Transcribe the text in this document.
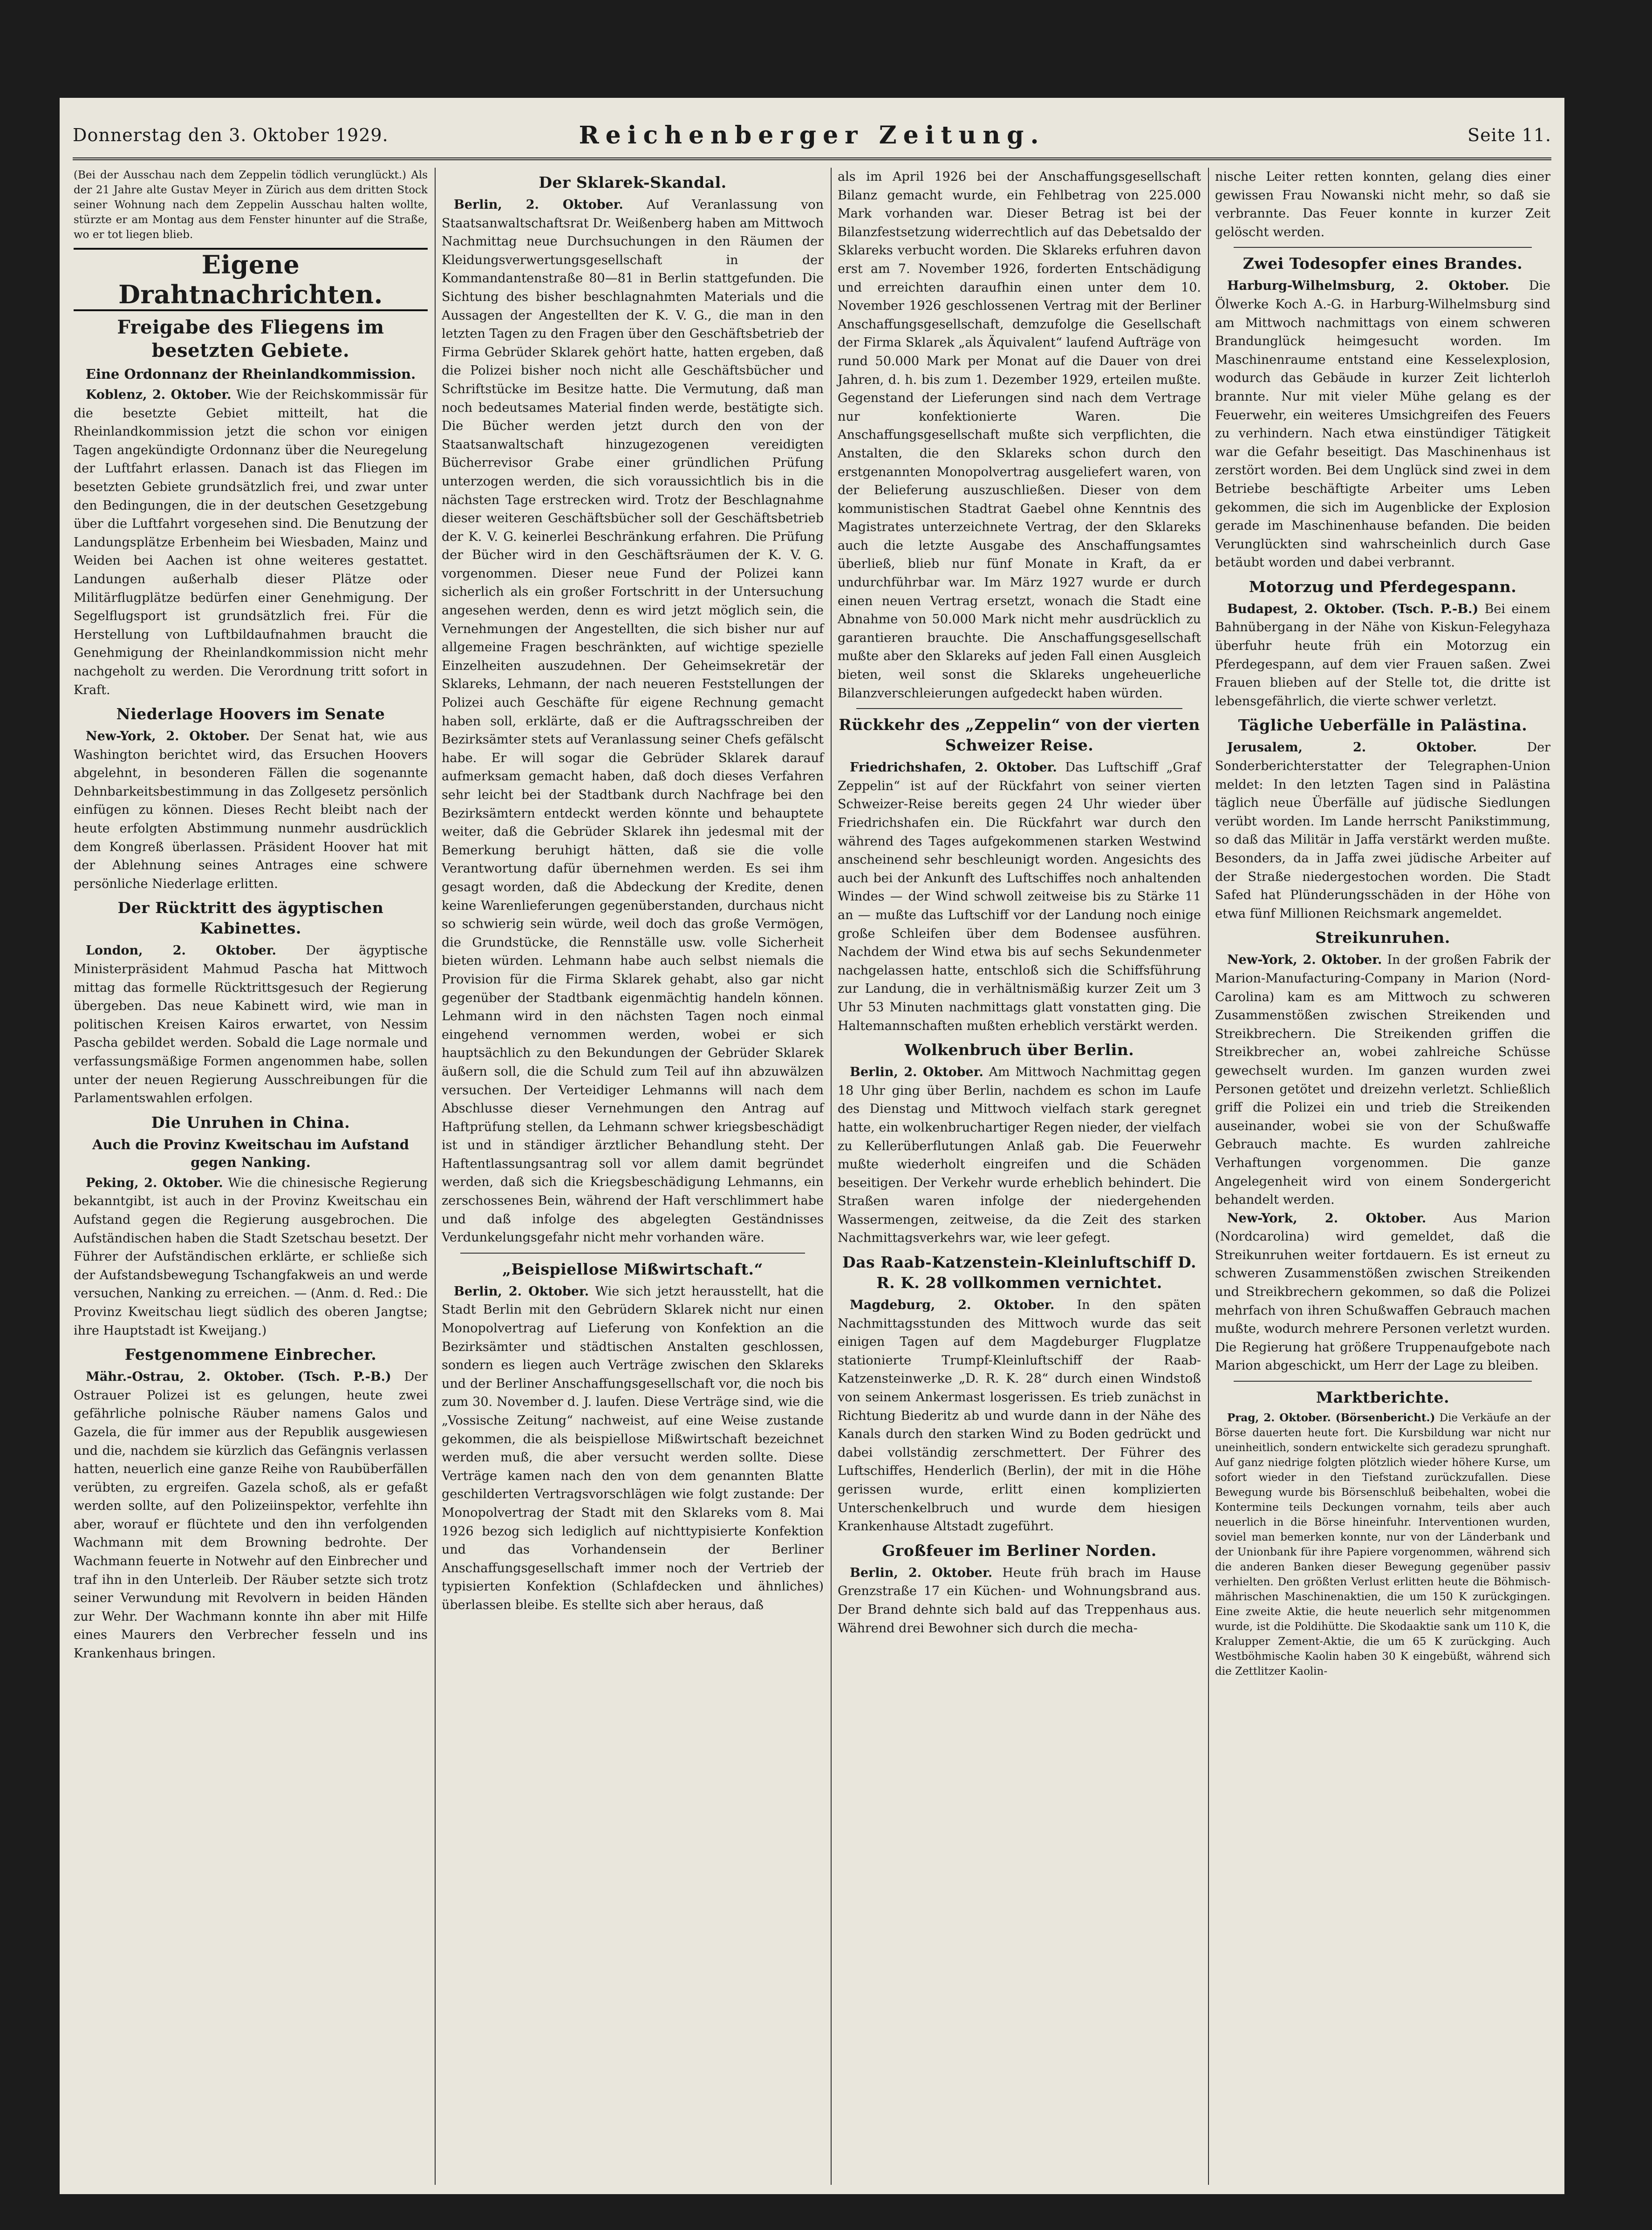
Donnerstag den 3. Oktober 1929.	Reichenberger Zeitung.	Seite 11.

(Bei der Ausschau nach dem Zeppelin tödlich verunglückt.) Als der 21 Jahre alte Gustav Meyer in Zürich aus dem dritten Stock seiner Wohnung nach dem Zeppelin Ausschau halten wollte, stürzte er am Montag aus dem Fenster hinunter auf die Straße, wo er tot liegen blieb.

Eigene Drahtnachrichten.
Freigabe des Fliegens im besetzten Gebiete.
Eine Ordonnanz der Rheinlandkommission.

Koblenz, 2. Oktober. Wie der Reichskommissär für die besetzte Gebiet mitteilt, hat die Rheinlandkommission jetzt die schon vor einigen Tagen angekündigte Ordonnanz über die Neuregelung der Luftfahrt erlassen. Danach ist das Fliegen im besetzten Gebiete grundsätzlich frei, und zwar unter den Bedingungen, die in der deutschen Gesetzgebung über die Luftfahrt vorgesehen sind. Die Benutzung der Landungsplätze Erbenheim bei Wiesbaden, Mainz und Weiden bei Aachen ist ohne weiteres gestattet. Landungen außerhalb dieser Plätze oder Militärflugplätze bedürfen einer Genehmigung. Der Segelflugsport ist grundsätzlich frei. Für die Herstellung von Luftbildaufnahmen braucht die Genehmigung der Rheinlandkommission nicht mehr nachgeholt zu werden. Die Verordnung tritt sofort in Kraft.

Niederlage Hoovers im Senate

New-York, 2. Oktober. Der Senat hat, wie aus Washington berichtet wird, das Ersuchen Hoovers abgelehnt, in besonderen Fällen die sogenannte Dehnbarkeitsbestimmung in das Zollgesetz persönlich einfügen zu können. Dieses Recht bleibt nach der heute erfolgten Abstimmung nunmehr ausdrücklich dem Kongreß überlassen. Präsident Hoover hat mit der Ablehnung seines Antrages eine schwere persönliche Niederlage erlitten.

Der Rücktritt des ägyptischen Kabinettes.

London, 2. Oktober. Der ägyptische Ministerpräsident Mahmud Pascha hat Mittwoch mittag das formelle Rücktrittsgesuch der Regierung übergeben. Das neue Kabinett wird, wie man in politischen Kreisen Kairos erwartet, von Nessim Pascha gebildet werden. Sobald die Lage normale und verfassungsmäßige Formen angenommen habe, sollen unter der neuen Regierung Ausschreibungen für die Parlamentswahlen erfolgen.

Die Unruhen in China.
Auch die Provinz Kweitschau im Aufstand gegen Nanking.

Peking, 2. Oktober. Wie die chinesische Regierung bekanntgibt, ist auch in der Provinz Kweitschau ein Aufstand gegen die Regierung ausgebrochen. Die Aufständischen haben die Stadt Szetschau besetzt. Der Führer der Aufständischen erklärte, er schließe sich der Aufstandsbewegung Tschangfakweis an und werde versuchen, Nanking zu erreichen. — (Anm. d. Red.: Die Provinz Kweitschau liegt südlich des oberen Jangtse; ihre Hauptstadt ist Kweijang.)

Festgenommene Einbrecher.

Mähr.-Ostrau, 2. Oktober. (Tsch. P.-B.) Der Ostrauer Polizei ist es gelungen, heute zwei gefährliche polnische Räuber namens Galos und Gazela, die für immer aus der Republik ausgewiesen und die, nachdem sie kürzlich das Gefängnis verlassen hatten, neuerlich eine ganze Reihe von Raubüberfällen verübten, zu ergreifen. Gazela schoß, als er gefaßt werden sollte, auf den Polizeiinspektor, verfehlte ihn aber, worauf er flüchtete und den ihn verfolgenden Wachmann mit dem Browning bedrohte. Der Wachmann feuerte in Notwehr auf den Einbrecher und traf ihn in den Unterleib. Der Räuber setzte sich trotz seiner Verwundung mit Revolvern in beiden Händen zur Wehr. Der Wachmann konnte ihn aber mit Hilfe eines Maurers den Verbrecher fesseln und ins Krankenhaus bringen.

Der Sklarek-Skandal.

Berlin, 2. Oktober. Auf Veranlassung von Staatsanwaltschaftsrat Dr. Weißenberg haben am Mittwoch Nachmittag neue Durchsuchungen in den Räumen der Kleidungsverwertungsgesellschaft in der Kommandantenstraße 80—81 in Berlin stattgefunden. Die Sichtung des bisher beschlagnahmten Materials und die Aussagen der Angestellten der K. V. G., die man in den letzten Tagen zu den Fragen über den Geschäftsbetrieb der Firma Gebrüder Sklarek gehört hatte, hatten ergeben, daß die Polizei bisher noch nicht alle Geschäftsbücher und Schriftstücke im Besitze hatte. Die Vermutung, daß man noch bedeutsames Material finden werde, bestätigte sich. Die Bücher werden jetzt durch den von der Staatsanwaltschaft hinzugezogenen vereidigten Bücherrevisor Grabe einer gründlichen Prüfung unterzogen werden, die sich voraussichtlich bis in die nächsten Tage erstrecken wird. Trotz der Beschlagnahme dieser weiteren Geschäftsbücher soll der Geschäftsbetrieb der K. V. G. keinerlei Beschränkung erfahren. Die Prüfung der Bücher wird in den Geschäftsräumen der K. V. G. vorgenommen. Dieser neue Fund der Polizei kann sicherlich als ein großer Fortschritt in der Untersuchung angesehen werden, denn es wird jetzt möglich sein, die Vernehmungen der Angestellten, die sich bisher nur auf allgemeine Fragen beschränkten, auf wichtige spezielle Einzelheiten auszudehnen. Der Geheimsekretär der Sklareks, Lehmann, der nach neueren Feststellungen der Polizei auch Geschäfte für eigene Rechnung gemacht haben soll, erklärte, daß er die Auftragsschreiben der Bezirksämter stets auf Veranlassung seiner Chefs gefälscht habe. Er will sogar die Gebrüder Sklarek darauf aufmerksam gemacht haben, daß doch dieses Verfahren sehr leicht bei der Stadtbank durch Nachfrage bei den Bezirksämtern entdeckt werden könnte und behauptete weiter, daß die Gebrüder Sklarek ihn jedesmal mit der Bemerkung beruhigt hätten, daß sie die volle Verantwortung dafür übernehmen werden. Es sei ihm gesagt worden, daß die Abdeckung der Kredite, denen keine Warenlieferungen gegenüberstanden, durchaus nicht so schwierig sein würde, weil doch das große Vermögen, die Grundstücke, die Rennställe usw. volle Sicherheit bieten würden. Lehmann habe auch selbst niemals die Provision für die Firma Sklarek gehabt, also gar nicht gegenüber der Stadtbank eigenmächtig handeln können. Lehmann wird in den nächsten Tagen noch einmal eingehend vernommen werden, wobei er sich hauptsächlich zu den Bekundungen der Gebrüder Sklarek äußern soll, die die Schuld zum Teil auf ihn abzuwälzen versuchen. Der Verteidiger Lehmanns will nach dem Abschlusse dieser Vernehmungen den Antrag auf Haftprüfung stellen, da Lehmann schwer kriegsbeschädigt ist und in ständiger ärztlicher Behandlung steht. Der Haftentlassungsantrag soll vor allem damit begründet werden, daß sich die Kriegsbeschädigung Lehmanns, ein zerschossenes Bein, während der Haft verschlimmert habe und daß infolge des abgelegten Geständnisses Verdunkelungsgefahr nicht mehr vorhanden wäre.

„Beispiellose Mißwirtschaft.“

Berlin, 2. Oktober. Wie sich jetzt herausstellt, hat die Stadt Berlin mit den Gebrüdern Sklarek nicht nur einen Monopolvertrag auf Lieferung von Konfektion an die Bezirksämter und städtischen Anstalten geschlossen, sondern es liegen auch Verträge zwischen den Sklareks und der Berliner Anschaffungsgesellschaft vor, die noch bis zum 30. November d. J. laufen. Diese Verträge sind, wie die „Vossische Zeitung“ nachweist, auf eine Weise zustande gekommen, die als beispiellose Mißwirtschaft bezeichnet werden muß, die aber versucht werden sollte. Diese Verträge kamen nach den von dem genannten Blatte geschilderten Vertragsvorschlägen wie folgt zustande: Der Monopolvertrag der Stadt mit den Sklareks vom 8. Mai 1926 bezog sich lediglich auf nichttypisierte Konfektion und das Vorhandensein der Berliner Anschaffungsgesellschaft immer noch der Vertrieb der typisierten Konfektion (Schlafdecken und ähnliches) überlassen bleibe. Es stellte sich aber heraus, daß

als im April 1926 bei der Anschaffungsgesellschaft Bilanz gemacht wurde, ein Fehlbetrag von 225.000 Mark vorhanden war. Dieser Betrag ist bei der Bilanzfestsetzung widerrechtlich auf das Debetsaldo der Sklareks verbucht worden. Die Sklareks erfuhren davon erst am 7. November 1926, forderten Entschädigung und erreichten daraufhin einen unter dem 10. November 1926 geschlossenen Vertrag mit der Berliner Anschaffungsgesellschaft, demzufolge die Gesellschaft der Firma Sklarek „als Äquivalent“ laufend Aufträge von rund 50.000 Mark per Monat auf die Dauer von drei Jahren, d. h. bis zum 1. Dezember 1929, erteilen mußte. Gegenstand der Lieferungen sind nach dem Vertrage nur konfektionierte Waren. Die Anschaffungsgesellschaft mußte sich verpflichten, die Anstalten, die den Sklareks schon durch den erstgenannten Monopolvertrag ausgeliefert waren, von der Belieferung auszuschließen. Dieser von dem kommunistischen Stadtrat Gaebel ohne Kenntnis des Magistrates unterzeichnete Vertrag, der den Sklareks auch die letzte Ausgabe des Anschaffungsamtes überließ, blieb nur fünf Monate in Kraft, da er undurchführbar war. Im März 1927 wurde er durch einen neuen Vertrag ersetzt, wonach die Stadt eine Abnahme von 50.000 Mark nicht mehr ausdrücklich zu garantieren brauchte. Die Anschaffungsgesellschaft mußte aber den Sklareks auf jeden Fall einen Ausgleich bieten, weil sonst die Sklareks ungeheuerliche Bilanzverschleierungen aufgedeckt haben würden.

Rückkehr des „Zeppelin“ von der vierten Schweizer Reise.

Friedrichshafen, 2. Oktober. Das Luftschiff „Graf Zeppelin“ ist auf der Rückfahrt von seiner vierten Schweizer-Reise bereits gegen 24 Uhr wieder über Friedrichshafen ein. Die Rückfahrt war durch den während des Tages aufgekommenen starken Westwind anscheinend sehr beschleunigt worden. Angesichts des auch bei der Ankunft des Luftschiffes noch anhaltenden Windes — der Wind schwoll zeitweise bis zu Stärke 11 an — mußte das Luftschiff vor der Landung noch einige große Schleifen über dem Bodensee ausführen. Nachdem der Wind etwa bis auf sechs Sekundenmeter nachgelassen hatte, entschloß sich die Schiffsführung zur Landung, die in verhältnismäßig kurzer Zeit um 3 Uhr 53 Minuten nachmittags glatt vonstatten ging. Die Haltemannschaften mußten erheblich verstärkt werden.

Wolkenbruch über Berlin.

Berlin, 2. Oktober. Am Mittwoch Nachmittag gegen 18 Uhr ging über Berlin, nachdem es schon im Laufe des Dienstag und Mittwoch vielfach stark geregnet hatte, ein wolkenbruchartiger Regen nieder, der vielfach zu Kellerüberflutungen Anlaß gab. Die Feuerwehr mußte wiederholt eingreifen und die Schäden beseitigen. Der Verkehr wurde erheblich behindert. Die Straßen waren infolge der niedergehenden Wassermengen, zeitweise, da die Zeit des starken Nachmittagsverkehrs war, wie leer gefegt.

Das Raab-Katzenstein-Kleinluftschiff D. R. K. 28 vollkommen vernichtet.

Magdeburg, 2. Oktober. In den späten Nachmittagsstunden des Mittwoch wurde das seit einigen Tagen auf dem Magdeburger Flugplatze stationierte Trumpf-Kleinluftschiff der Raab-Katzensteinwerke „D. R. K. 28“ durch einen Windstoß von seinem Ankermast losgerissen. Es trieb zunächst in Richtung Biederitz ab und wurde dann in der Nähe des Kanals durch den starken Wind zu Boden gedrückt und dabei vollständig zerschmettert. Der Führer des Luftschiffes, Henderlich (Berlin), der mit in die Höhe gerissen wurde, erlitt einen komplizierten Unterschenkelbruch und wurde dem hiesigen Krankenhause Altstadt zugeführt.

Großfeuer im Berliner Norden.

Berlin, 2. Oktober. Heute früh brach im Hause Grenzstraße 17 ein Küchen- und Wohnungsbrand aus. Der Brand dehnte sich bald auf das Treppenhaus aus. Während drei Bewohner sich durch die mecha-

nische Leiter retten konnten, gelang dies einer gewissen Frau Nowanski nicht mehr, so daß sie verbrannte. Das Feuer konnte in kurzer Zeit gelöscht werden.

Zwei Todesopfer eines Brandes.

Harburg-Wilhelmsburg, 2. Oktober. Die Ölwerke Koch A.-G. in Harburg-Wilhelmsburg sind am Mittwoch nachmittags von einem schweren Brandunglück heimgesucht worden. Im Maschinenraume entstand eine Kesselexplosion, wodurch das Gebäude in kurzer Zeit lichterloh brannte. Nur mit vieler Mühe gelang es der Feuerwehr, ein weiteres Umsichgreifen des Feuers zu verhindern. Nach etwa einstündiger Tätigkeit war die Gefahr beseitigt. Das Maschinenhaus ist zerstört worden. Bei dem Unglück sind zwei in dem Betriebe beschäftigte Arbeiter ums Leben gekommen, die sich im Augenblicke der Explosion gerade im Maschinenhause befanden. Die beiden Verunglückten sind wahrscheinlich durch Gase betäubt worden und dabei verbrannt.

Motorzug und Pferdegespann.

Budapest, 2. Oktober. (Tsch. P.-B.) Bei einem Bahnübergang in der Nähe von Kiskun-Felegyhaza überfuhr heute früh ein Motorzug ein Pferdegespann, auf dem vier Frauen saßen. Zwei Frauen blieben auf der Stelle tot, die dritte ist lebensgefährlich, die vierte schwer verletzt.

Tägliche Ueberfälle in Palästina.

Jerusalem, 2. Oktober.	Der Sonderberichterstatter der Telegraphen-Union meldet: In den letzten Tagen sind in Palästina täglich neue Überfälle auf jüdische Siedlungen verübt worden. Im Lande herrscht Panikstimmung, so daß das Militär in Jaffa verstärkt werden mußte. Besonders, da in Jaffa zwei jüdische Arbeiter auf der Straße niedergestochen worden. Die Stadt Safed hat Plünderungsschäden in der Höhe von etwa fünf Millionen Reichsmark angemeldet.

Streikunruhen.

New-York, 2. Oktober. In der großen Fabrik der Marion-Manufacturing-Company in Marion (Nord-Carolina) kam es am Mittwoch zu schweren Zusammenstößen zwischen Streikenden und Streikbrechern. Die Streikenden griffen die Streikbrecher an, wobei zahlreiche Schüsse gewechselt wurden. Im ganzen wurden zwei Personen getötet und dreizehn verletzt. Schließlich griff die Polizei ein und trieb die Streikenden auseinander, wobei sie von der Schußwaffe Gebrauch machte. Es wurden zahlreiche Verhaftungen vorgenommen. Die ganze Angelegenheit wird von einem Sondergericht behandelt werden.

New-York, 2. Oktober. Aus Marion (Nordcarolina) wird gemeldet, daß die Streikunruhen weiter fortdauern. Es ist erneut zu schweren Zusammenstößen zwischen Streikenden und Streikbrechern gekommen, so daß die Polizei mehrfach von ihren Schußwaffen Gebrauch machen mußte, wodurch mehrere Personen verletzt wurden. Die Regierung hat größere Truppenaufgebote nach Marion abgeschickt, um Herr der Lage zu bleiben.

Marktberichte.

Prag, 2. Oktober. (Börsenbericht.) Die Verkäufe an der Börse dauerten heute fort. Die Kursbildung war nicht nur uneinheitlich, sondern entwickelte sich geradezu sprunghaft. Auf ganz niedrige folgten plötzlich wieder höhere Kurse, um sofort wieder in den Tiefstand zurückzufallen. Diese Bewegung wurde bis Börsenschluß beibehalten, wobei die Kontermine teils Deckungen vornahm, teils aber auch neuerlich in die Börse hineinfuhr. Interventionen wurden, soviel man bemerken konnte, nur von der Länderbank und der Unionbank für ihre Papiere vorgenommen, während sich die anderen Banken dieser Bewegung gegenüber passiv verhielten. Den größten Verlust erlitten heute die Böhmisch-mährischen Maschinenaktien, die um 150 K zurückgingen. Eine zweite Aktie, die heute neuerlich sehr mitgenommen wurde, ist die Poldihütte. Die Skodaaktie sank um 110 K, die Kralupper Zement-Aktie, die um 65 K zurückging. Auch Westböhmische Kaolin haben 30 K eingebüßt, während sich die Zettlitzer Kaolin-
